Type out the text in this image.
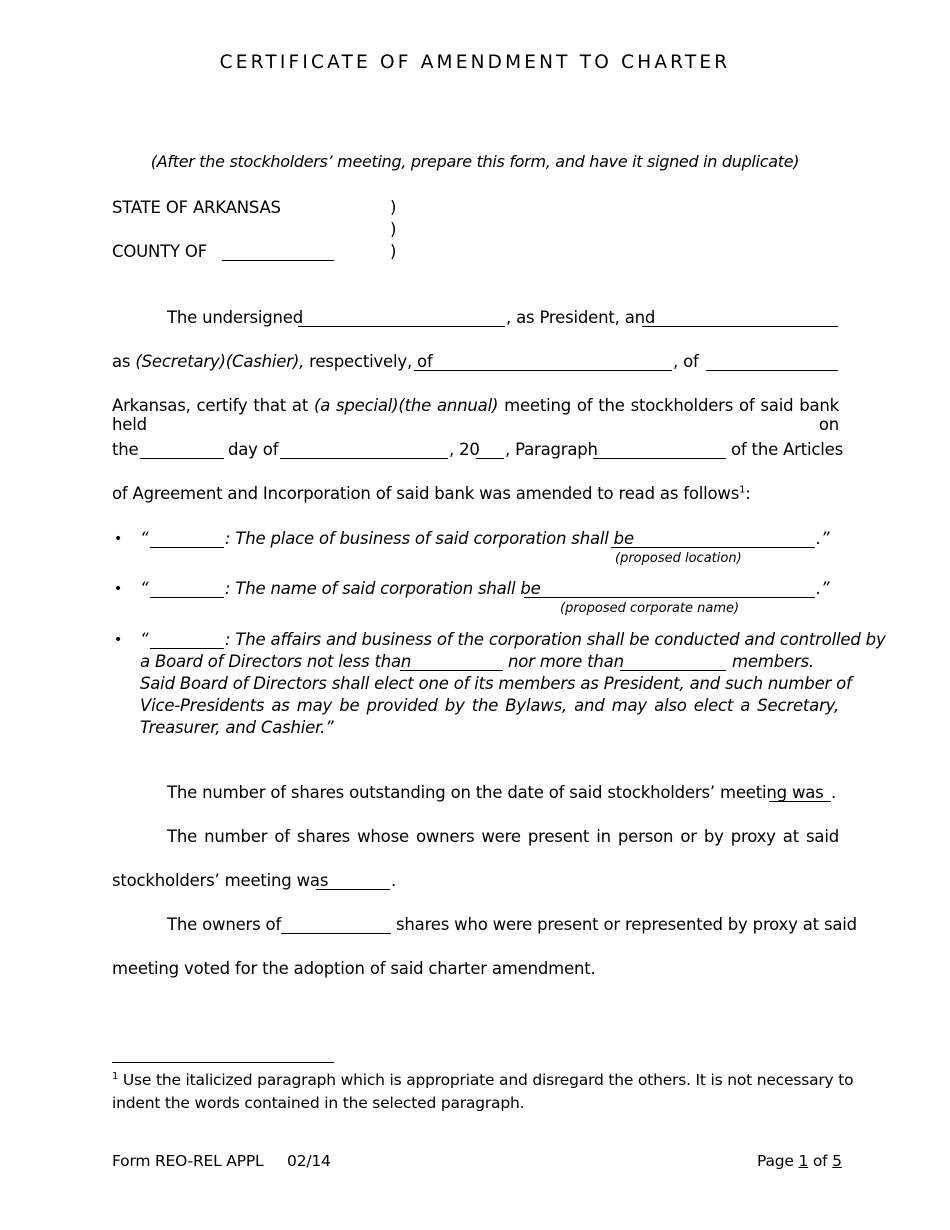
CERTIFICATE OF AMENDMENT TO CHARTER
(After the stockholders’ meeting, prepare this form, and have it signed in duplicate)
STATE OF ARKANSAS	)
)
COUNTY OF	)
The undersigned	, as President, and
as (Secretary)(Cashier), respectively, of	, of
Arkansas, certify that at (a special)(the annual) meeting of the stockholders of said bank held on
the	day of	, 20 , Paragraph	of the Articles
of Agreement and Incorporation of said bank was amended to read as follows$^1$:
• “	: The place of business of said corporation shall be	.”
(proposed location)
• “	: The name of said corporation shall be	.”
(proposed corporate name)
• “	: The affairs and business of the corporation shall be conducted and controlled by
a Board of Directors not less than	nor more than	members.
Said Board of Directors shall elect one of its members as President, and such number of
Vice-Presidents as may be provided by the Bylaws, and may also elect a Secretary,
Treasurer, and Cashier.”
The number of shares outstanding on the date of said stockholders’ meeting was .
The number of shares whose owners were present in person or by proxy at said
stockholders’ meeting was	.
The owners of	shares who were present or represented by proxy at said
meeting voted for the adoption of said charter amendment.
$^1$ Use the italicized paragraph which is appropriate and disregard the others. It is not necessary to
indent the words contained in the selected paragraph.
Form REO-REL APPL     02/14	Page 1 of 5
